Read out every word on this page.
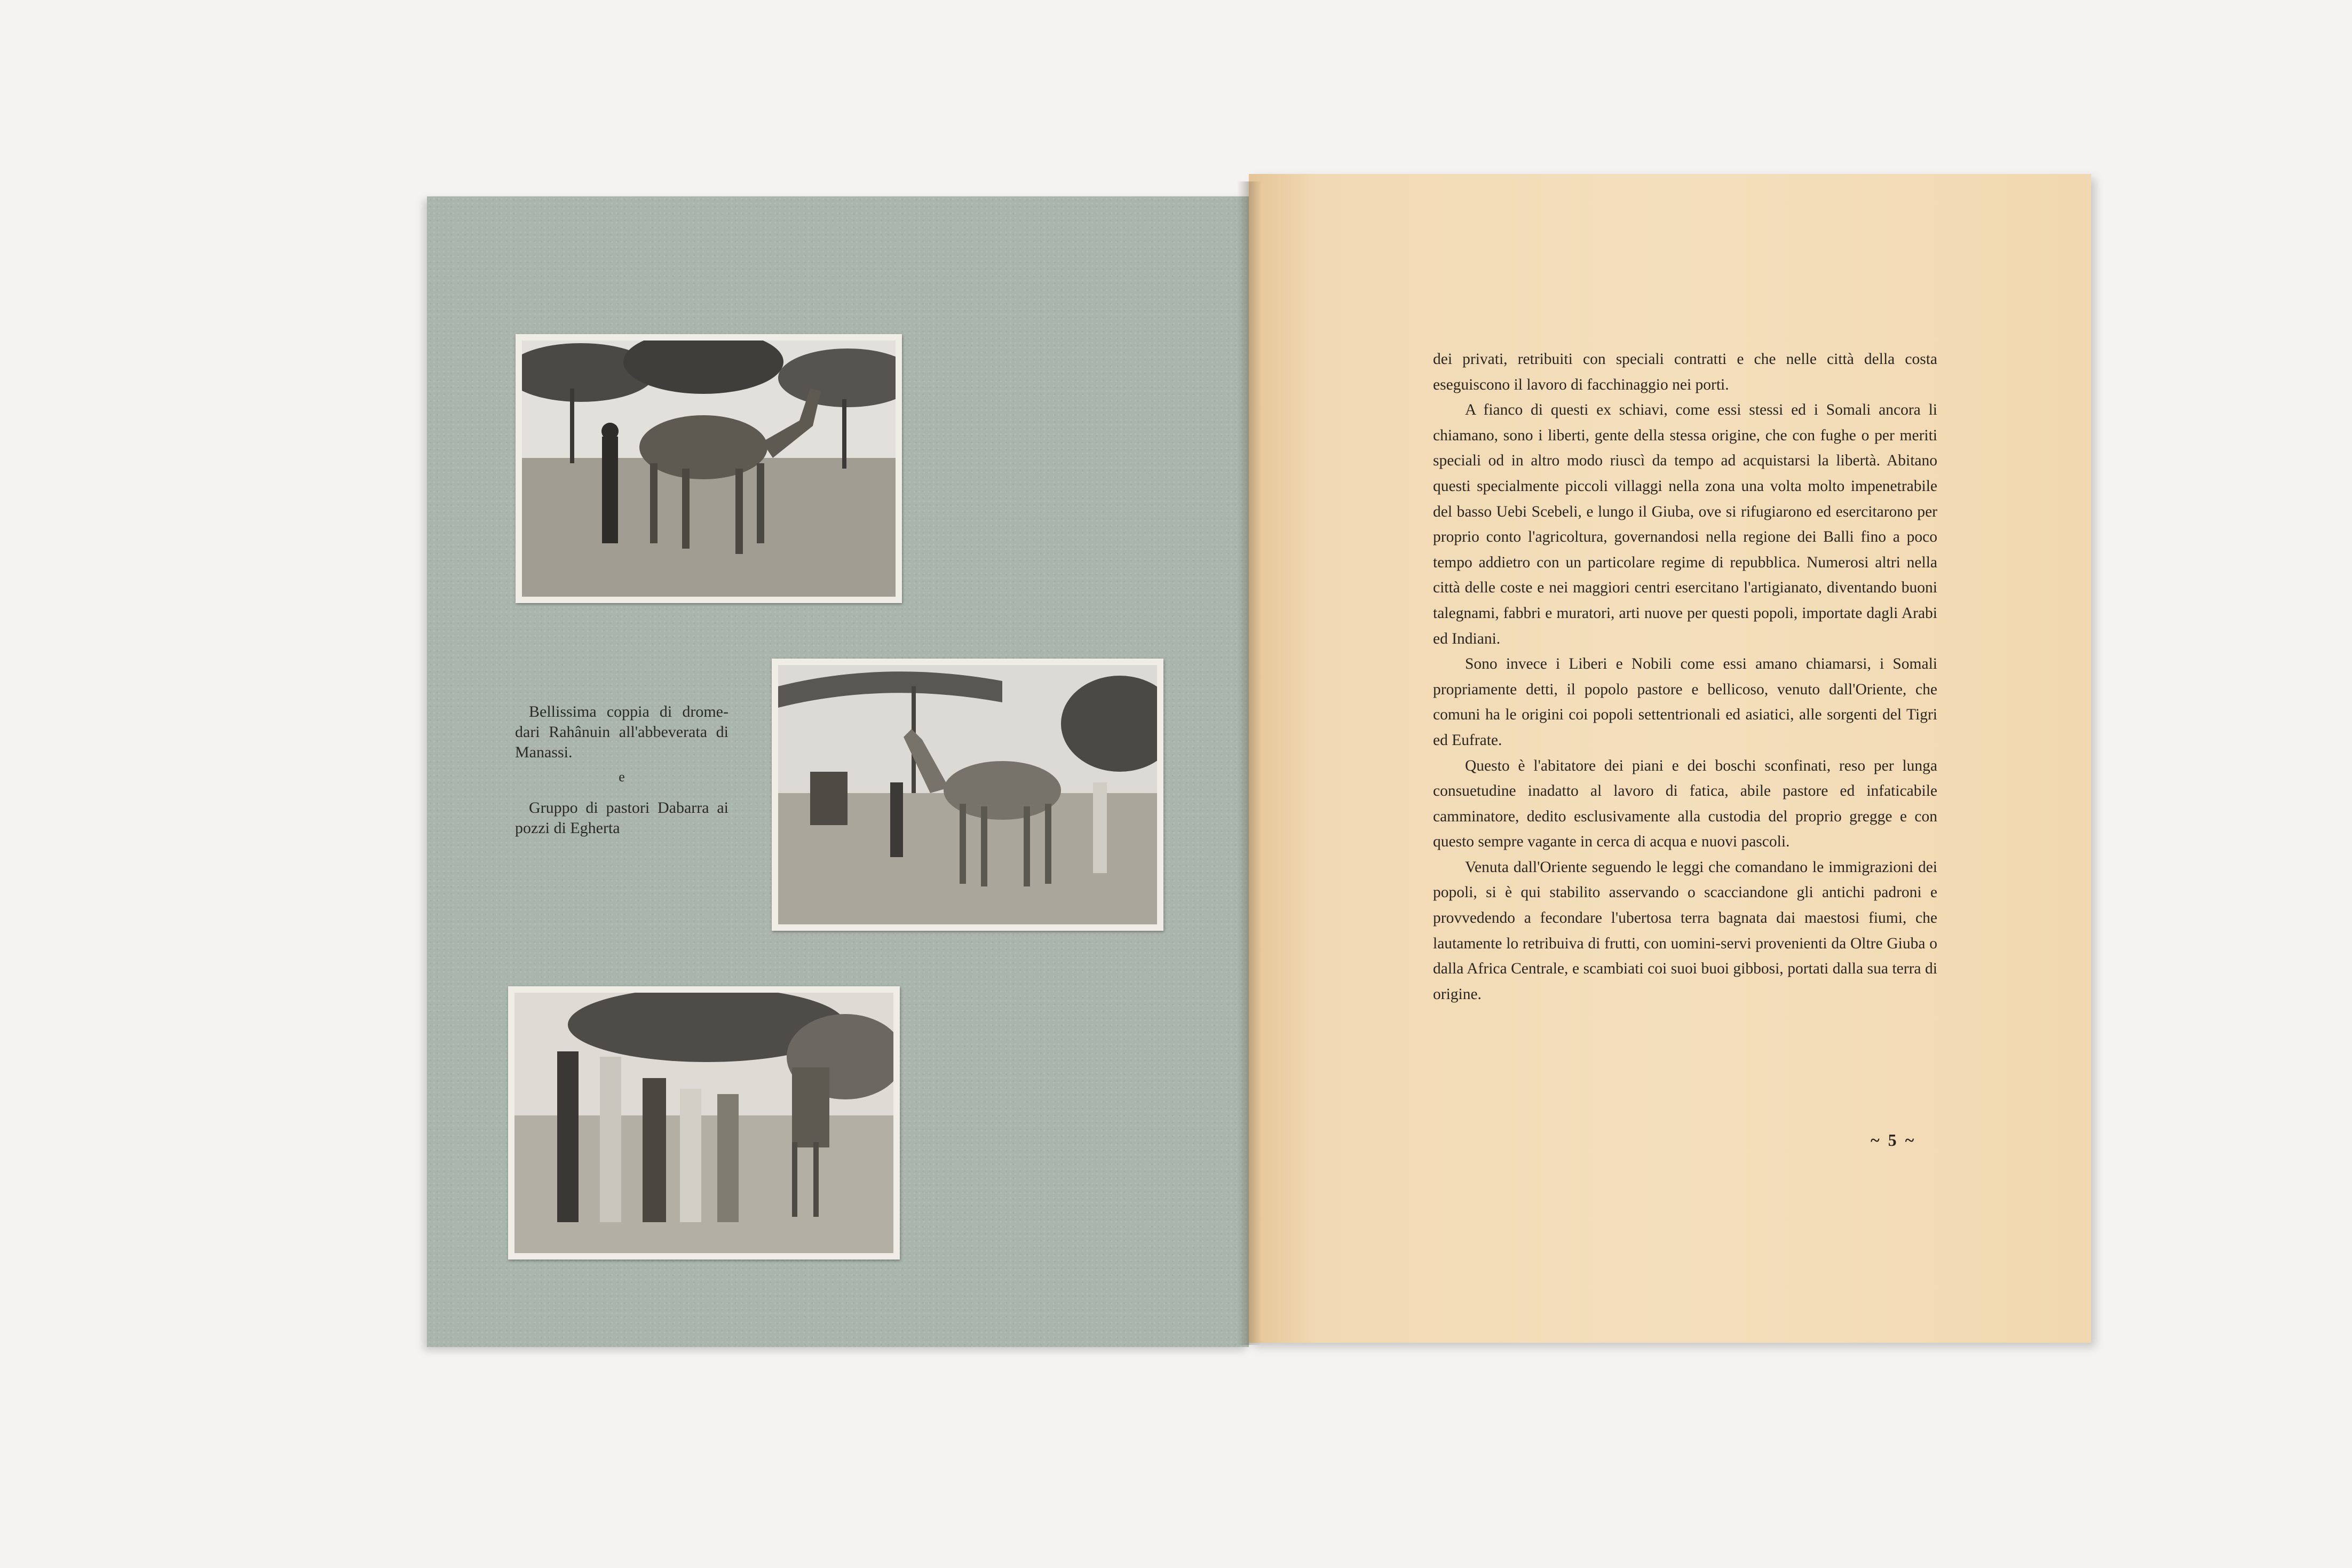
Bellissima coppia di drome-dari Rahânuin all'abbeverata di Manassi.

e

Gruppo di pastori Dabarra ai pozzi di Egherta

dei privati, retribuiti con speciali contratti e che nelle città della costa eseguiscono il lavoro di facchinaggio nei porti.

A fianco di questi ex schiavi, come essi stessi ed i Somali ancora li chiamano, sono i liberti, gente della stessa origine, che con fughe o per meriti speciali od in altro modo riuscì da tempo ad acquistarsi la libertà. Abitano questi specialmente piccoli villaggi nella zona una volta molto impenetrabile del basso Uebi Scebeli, e lungo il Giuba, ove si rifugiarono ed esercitarono per proprio conto l'agricoltura, governandosi nella regione dei Balli fino a poco tempo addietro con un particolare regime di repubblica. Numerosi altri nella città delle coste e nei maggiori centri esercitano l'artigianato, diventando buoni talegnami, fabbri e muratori, arti nuove per questi popoli, importate dagli Arabi ed Indiani.

Sono invece i Liberi e Nobili come essi amano chiamarsi, i Somali propriamente detti, il popolo pastore e bellicoso, venuto dall'Oriente, che comuni ha le origini coi popoli settentrionali ed asiatici, alle sorgenti del Tigri ed Eufrate.

Questo è l'abitatore dei piani e dei boschi sconfinati, reso per lunga consuetudine inadatto al lavoro di fatica, abile pastore ed infaticabile camminatore, dedito esclusivamente alla custodia del proprio gregge e con questo sempre vagante in cerca di acqua e nuovi pascoli.

Venuta dall'Oriente seguendo le leggi che comandano le immigrazioni dei popoli, si è qui stabilito asservando o scacciandone gli antichi padroni e provvedendo a fecondare l'ubertosa terra bagnata dai maestosi fiumi, che lautamente lo retribuiva di frutti, con uomini-servi provenienti da Oltre Giuba o dalla Africa Centrale, e scambiati coi suoi buoi gibbosi, portati dalla sua terra di origine.

~ 5 ~
